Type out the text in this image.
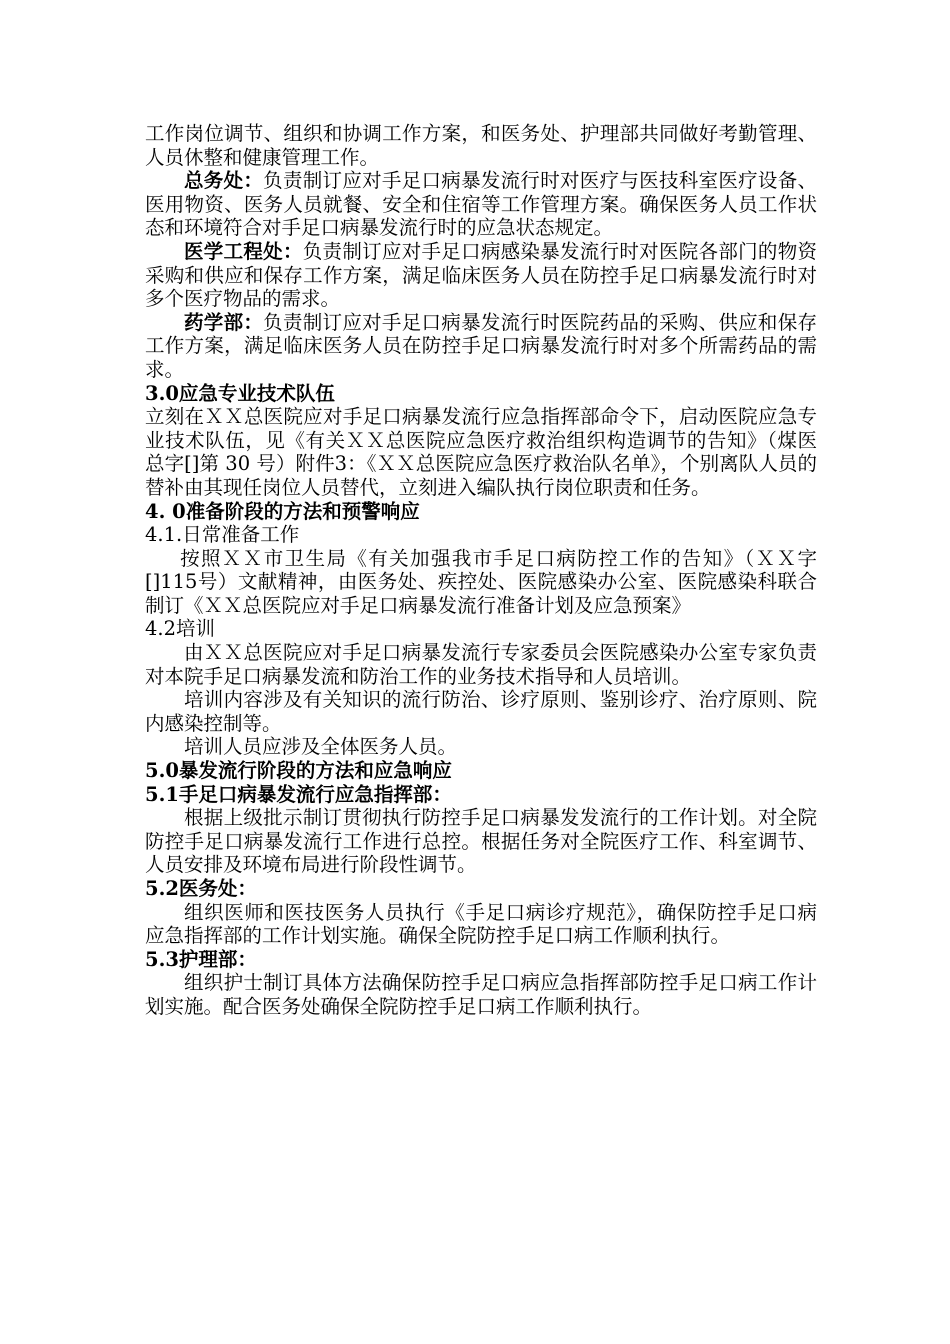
工作岗位调节、组织和协调工作方案，和医务处、护理部共同做好考勤管理、人员休整和健康管理工作。

总务处：负责制订应对手足口病暴发流行时对医疗与医技科室医疗设备、医用物资、医务人员就餐、安全和住宿等工作管理方案。确保医务人员工作状态和环境符合对手足口病暴发流行时的应急状态规定。

医学工程处：负责制订应对手足口病感染暴发流行时对医院各部门的物资采购和供应和保存工作方案，满足临床医务人员在防控手足口病暴发流行时对多个医疗物品的需求。

药学部：负责制订应对手足口病暴发流行时医院药品的采购、供应和保存工作方案，满足临床医务人员在防控手足口病暴发流行时对多个所需药品的需求。

3.0应急专业技术队伍

立刻在ＸＸ总医院应对手足口病暴发流行应急指挥部命令下，启动医院应急专业技术队伍，见《有关ＸＸ总医院应急医疗救治组织构造调节的告知》（煤医总字[]第 30 号）附件3：《ＸＸ总医院应急医疗救治队名单》，个别离队人员的替补由其现任岗位人员替代，立刻进入编队执行岗位职责和任务。

4. 0准备阶段的方法和预警响应

4.1.日常准备工作

按照ＸＸ市卫生局《有关加强我市手足口病防控工作的告知》（ＸＸ字[]115号）文献精神，由医务处、疾控处、医院感染办公室、医院感染科联合制订《ＸＸ总医院应对手足口病暴发流行准备计划及应急预案》

4.2培训

由ＸＸ总医院应对手足口病暴发流行专家委员会医院感染办公室专家负责对本院手足口病暴发流和防治工作的业务技术指导和人员培训。

培训内容涉及有关知识的流行防治、诊疗原则、鉴别诊疗、治疗原则、院内感染控制等。

培训人员应涉及全体医务人员。

5.0暴发流行阶段的方法和应急响应

5.1手足口病暴发流行应急指挥部：

根据上级批示制订贯彻执行防控手足口病暴发发流行的工作计划。对全院防控手足口病暴发流行工作进行总控。根据任务对全院医疗工作、科室调节、人员安排及环境布局进行阶段性调节。

5.2医务处：

组织医师和医技医务人员执行《手足口病诊疗规范》，确保防控手足口病应急指挥部的工作计划实施。确保全院防控手足口病工作顺利执行。

5.3护理部：

组织护士制订具体方法确保防控手足口病应急指挥部防控手足口病工作计划实施。配合医务处确保全院防控手足口病工作顺利执行。
